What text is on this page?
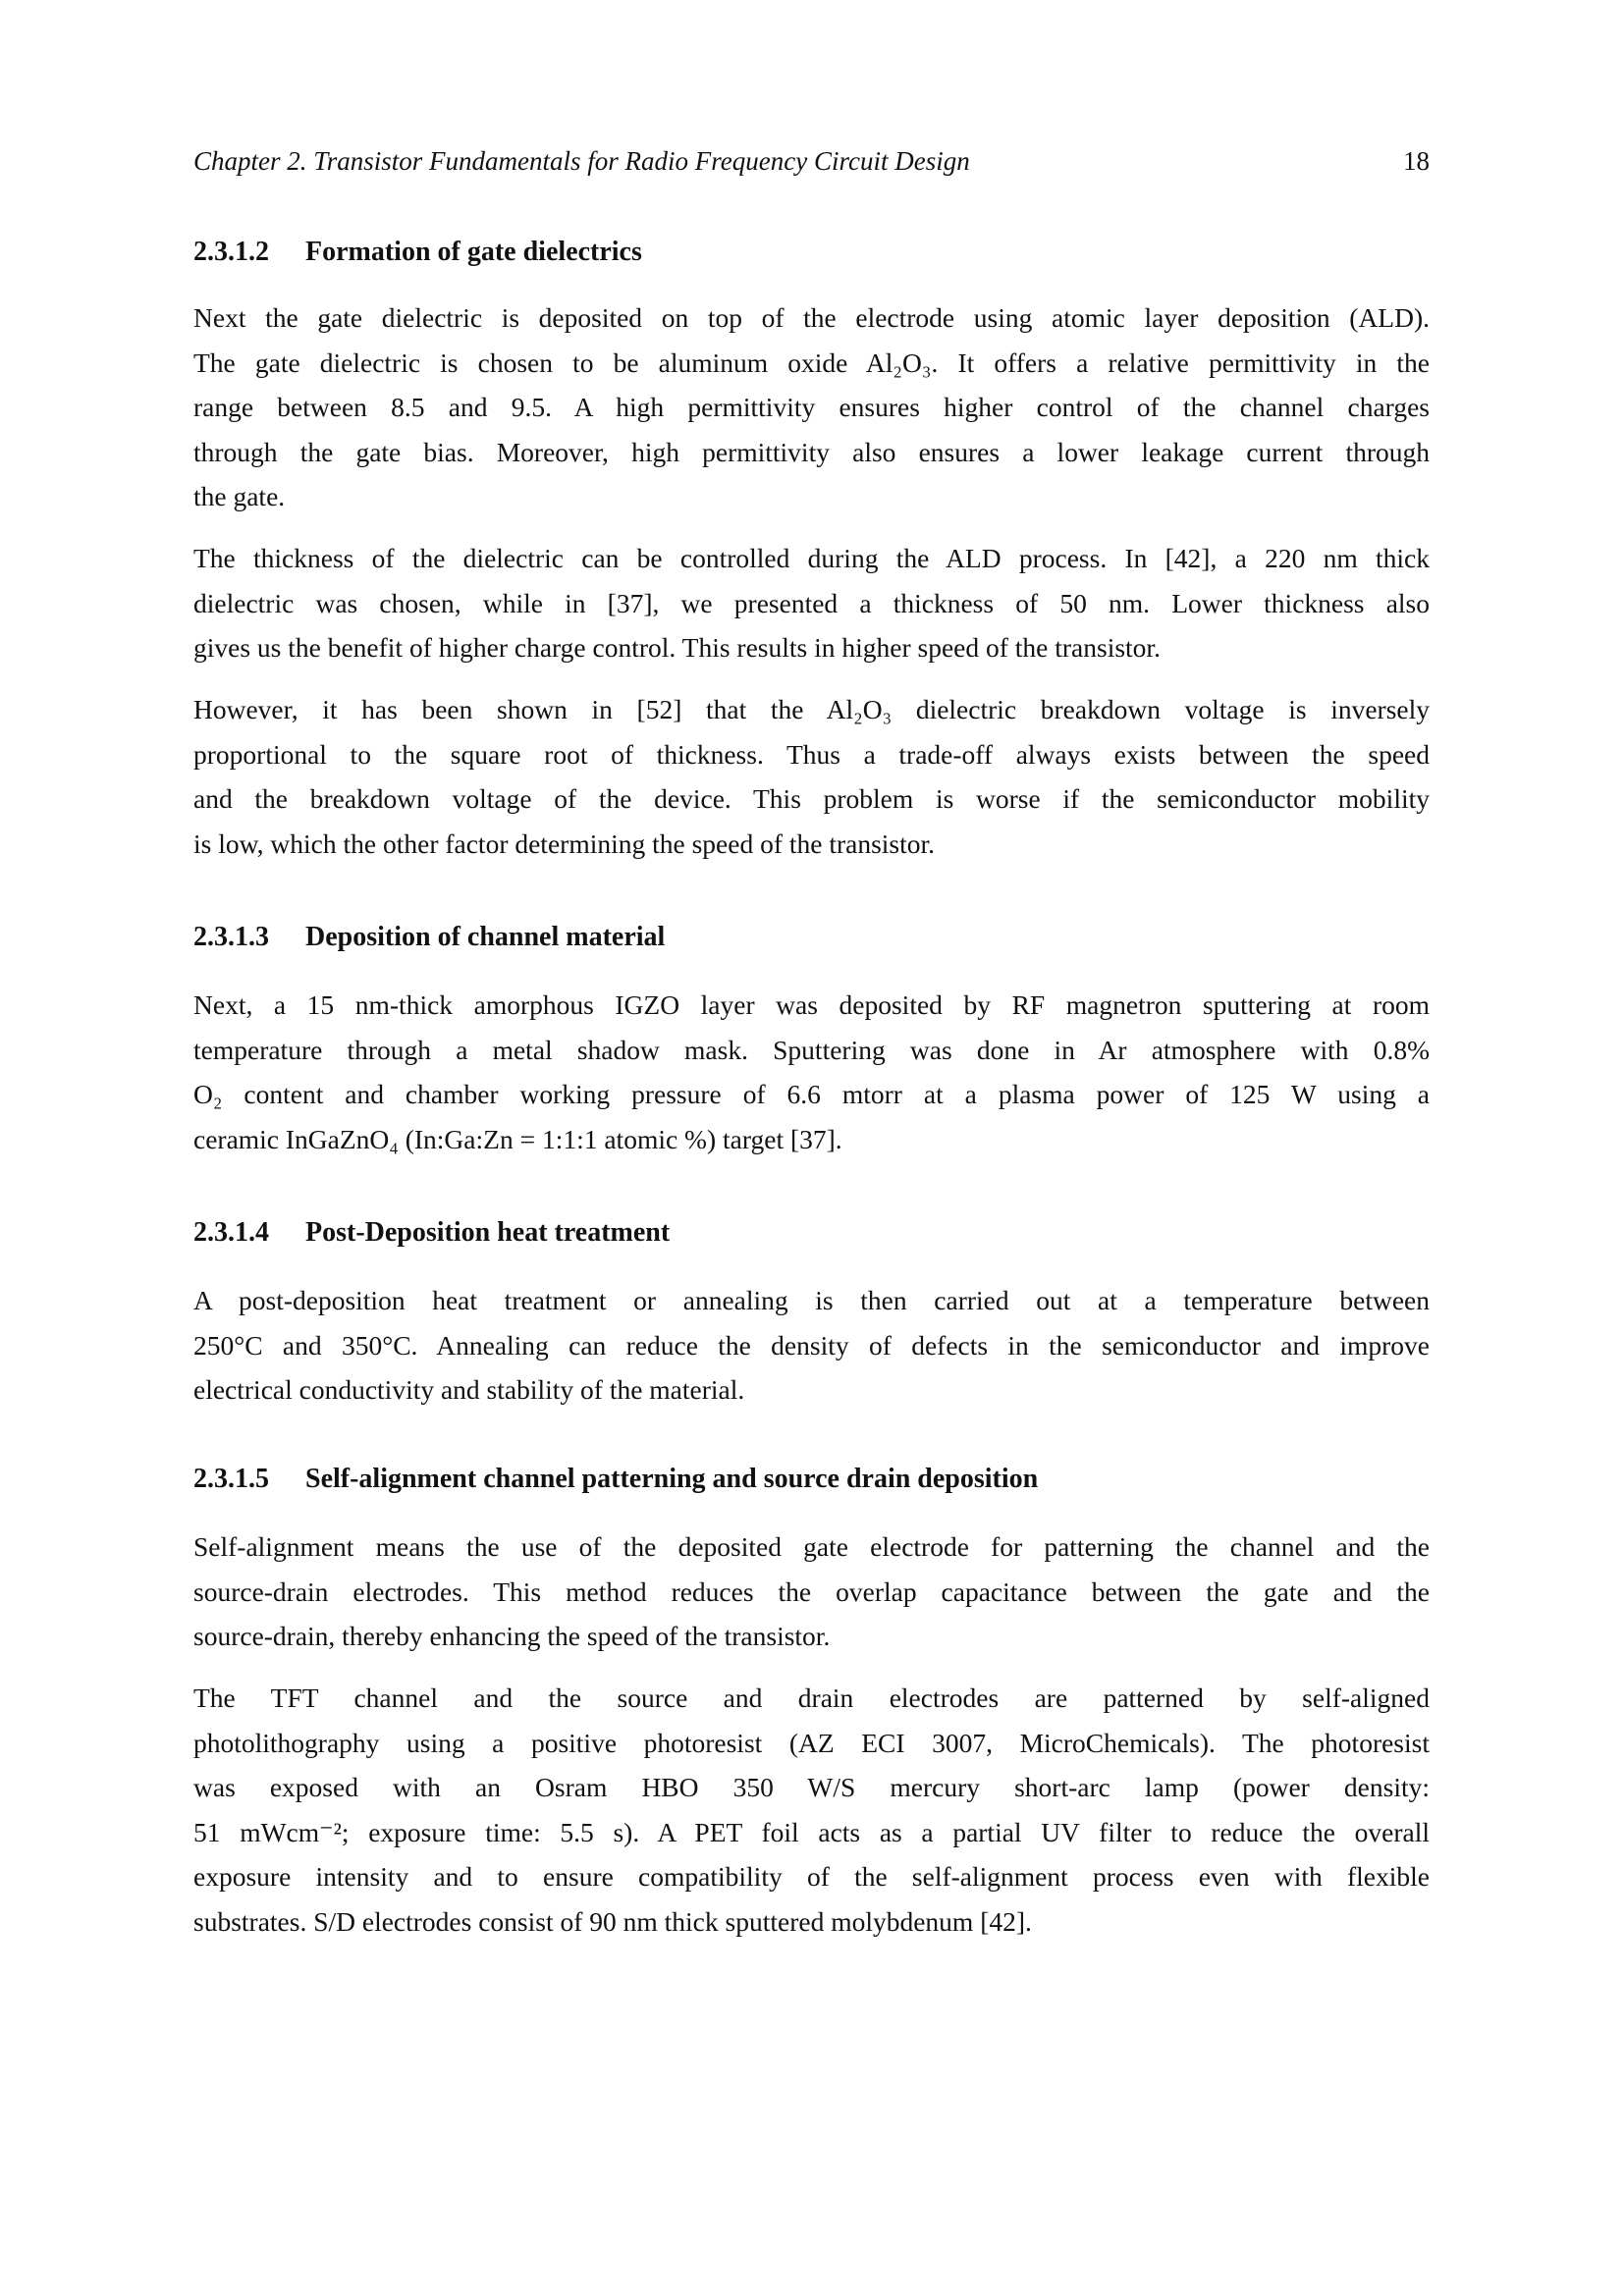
Chapter 2. Transistor Fundamentals for Radio Frequency Circuit Design	18
2.3.1.2 Formation of gate dielectrics
Next the gate dielectric is deposited on top of the electrode using atomic layer deposition (ALD).
The gate dielectric is chosen to be aluminum oxide Al₂O₃. It offers a relative permittivity in the
range between 8.5 and 9.5. A high permittivity ensures higher control of the channel charges
through the gate bias. Moreover, high permittivity also ensures a lower leakage current through
the gate.
The thickness of the dielectric can be controlled during the ALD process. In [42], a 220 nm thick
dielectric was chosen, while in [37], we presented a thickness of 50 nm. Lower thickness also
gives us the benefit of higher charge control. This results in higher speed of the transistor.
However, it has been shown in [52] that the Al₂O₃ dielectric breakdown voltage is inversely
proportional to the square root of thickness. Thus a trade-off always exists between the speed
and the breakdown voltage of the device. This problem is worse if the semiconductor mobility
is low, which the other factor determining the speed of the transistor.
2.3.1.3 Deposition of channel material
Next, a 15 nm-thick amorphous IGZO layer was deposited by RF magnetron sputtering at room
temperature through a metal shadow mask. Sputtering was done in Ar atmosphere with 0.8%
O₂ content and chamber working pressure of 6.6 mtorr at a plasma power of 125 W using a
ceramic InGaZnO₄ (In:Ga:Zn = 1:1:1 atomic %) target [37].
2.3.1.4 Post-Deposition heat treatment
A post-deposition heat treatment or annealing is then carried out at a temperature between
250°C and 350°C. Annealing can reduce the density of defects in the semiconductor and improve
electrical conductivity and stability of the material.
2.3.1.5 Self-alignment channel patterning and source drain deposition
Self-alignment means the use of the deposited gate electrode for patterning the channel and the
source-drain electrodes. This method reduces the overlap capacitance between the gate and the
source-drain, thereby enhancing the speed of the transistor.
The TFT channel and the source and drain electrodes are patterned by self-aligned
photolithography using a positive photoresist (AZ ECI 3007, MicroChemicals). The photoresist
was exposed with an Osram HBO 350 W/S mercury short-arc lamp (power density:
51 mWcm⁻²; exposure time: 5.5 s). A PET foil acts as a partial UV filter to reduce the overall
exposure intensity and to ensure compatibility of the self-alignment process even with flexible
substrates. S/D electrodes consist of 90 nm thick sputtered molybdenum [42].
